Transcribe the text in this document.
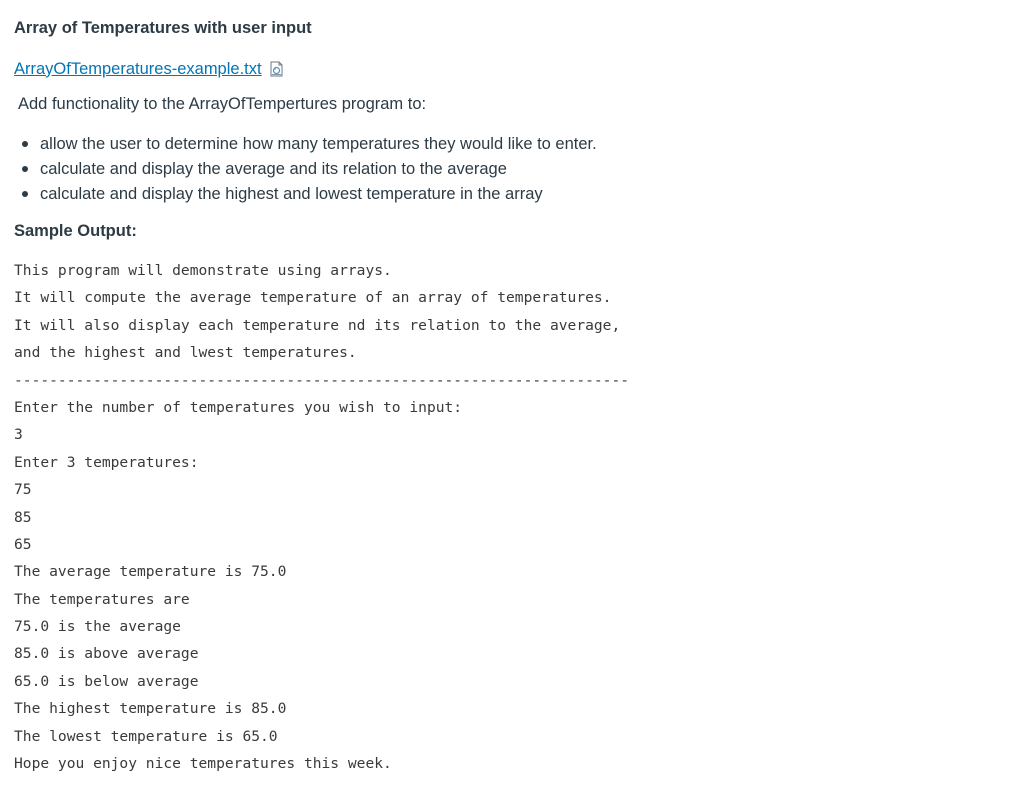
Array of Temperatures with user input
ArrayOfTemperatures-example.txt
Add functionality to the ArrayOfTempertures program to:
allow the user to determine how many temperatures they would like to enter.
calculate and display the average and its relation to the average
calculate and display the highest and lowest temperature in the array
Sample Output:
This program will demonstrate using arrays.
It will compute the average temperature of an array of temperatures.
It will also display each temperature nd its relation to the average,
and the highest and lwest temperatures.
----------------------------------------------------------------------
Enter the number of temperatures you wish to input:
3
Enter 3 temperatures:
75
85
65
The average temperature is 75.0
The temperatures are
75.0 is the average
85.0 is above average
65.0 is below average
The highest temperature is 85.0
The lowest temperature is 65.0
Hope you enjoy nice temperatures this week.
